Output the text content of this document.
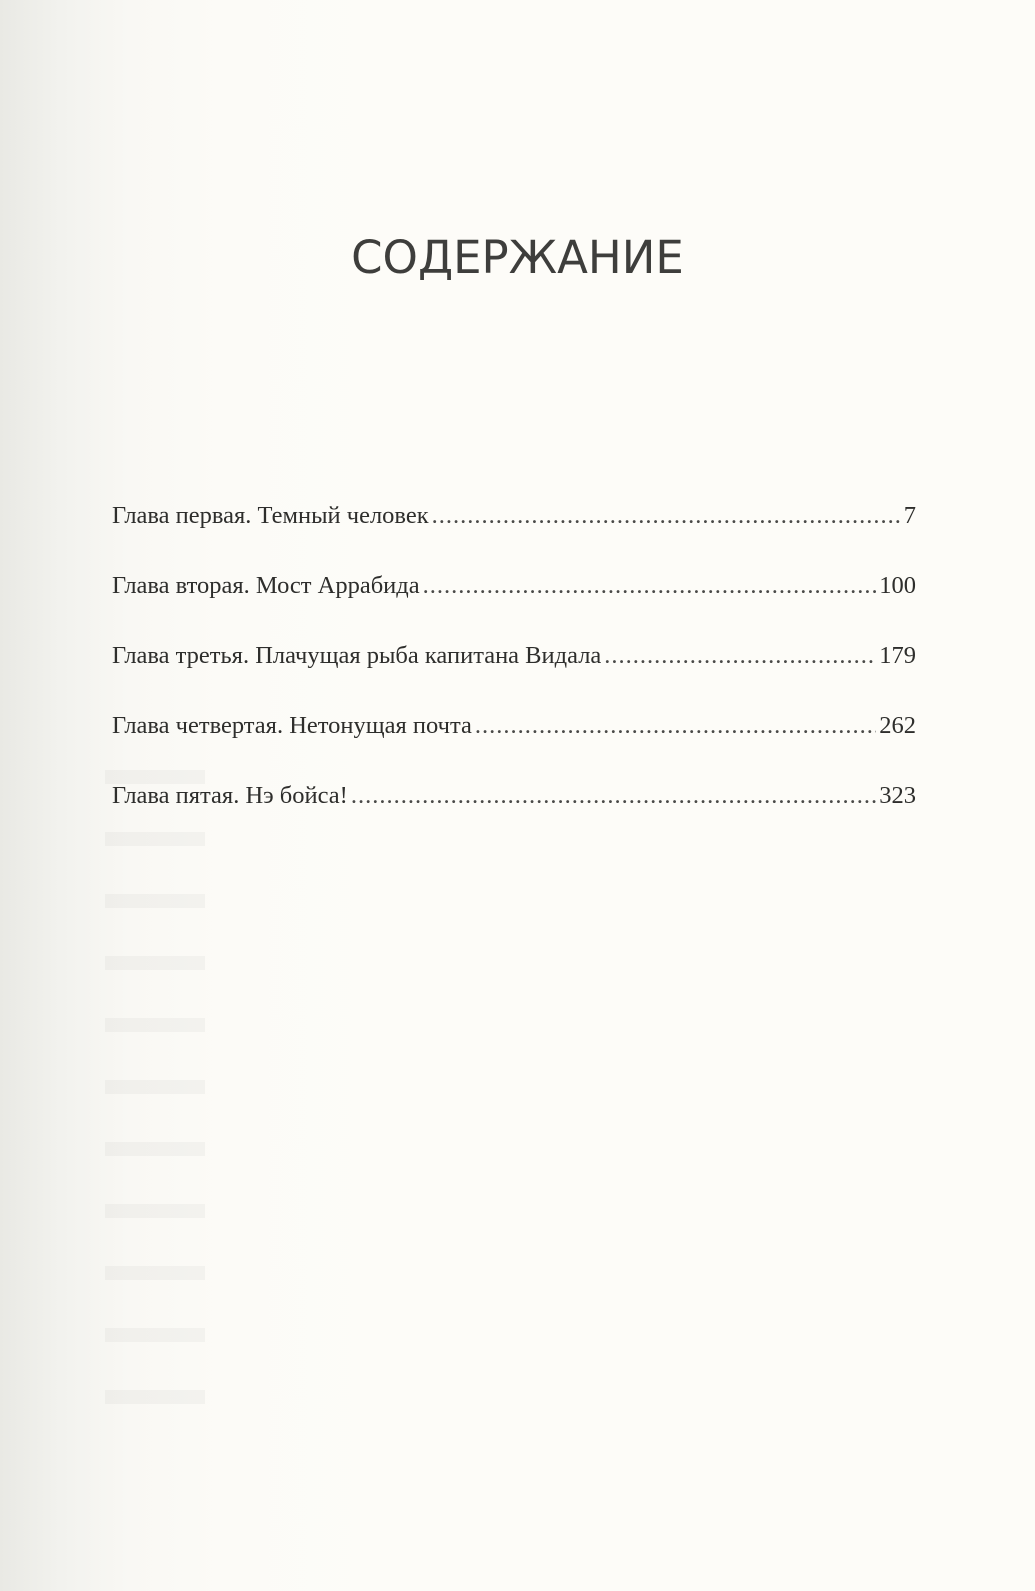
СОДЕРЖАНИЕ
Глава первая. Темный человек .....	7
Глава вторая. Мост Аррабида .....	100
Глава третья. Плачущая рыба капитана Видала .....	179
Глава четвертая. Нетонущая почта .....	262
Глава пятая. Нэ бойса! .....	323
